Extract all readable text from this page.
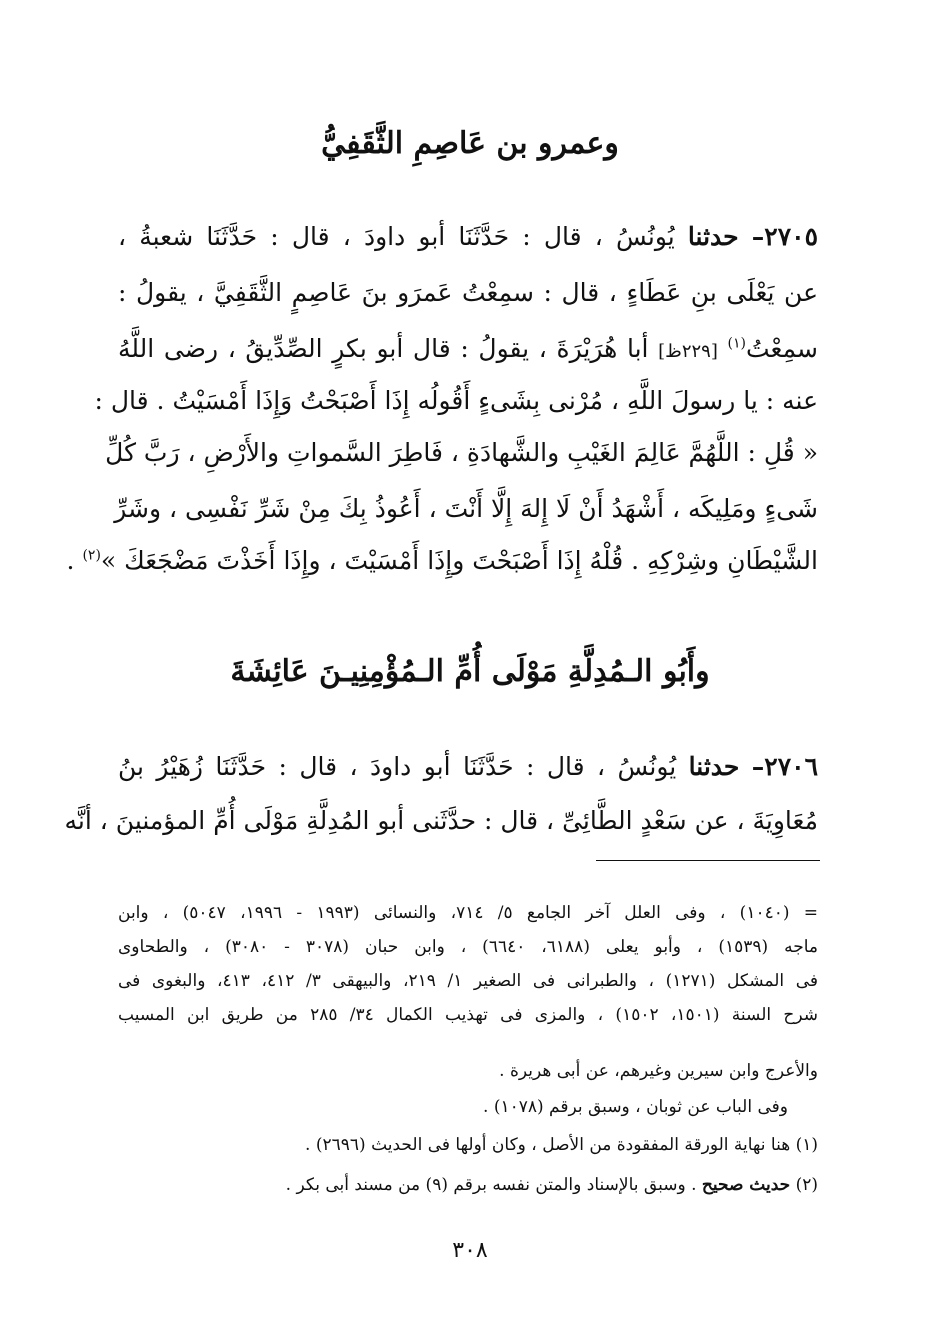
وعمرو بن عَاصِمِ الثَّقَفِيُّ
٢٧٠٥– حدثنا يُونُسُ ، قال : حَدَّثَنَا أبو داودَ ، قال : حَدَّثَنَا شعبةُ ،
عن يَعْلَى بنِ عَطَاءٍ ، قال : سمِعْتُ عَمرَو بنَ عَاصِمٍ الثَّقَفِيَّ ، يقولُ :
سمِعْتُ$^{(١)}$ [٢٢٩ظ] أبا هُرَيْرَةَ ، يقولُ : قال أبو بكرٍ الصِّدِّيقُ ، رضى اللَّهُ
عنه : يا رسولَ اللَّهِ ، مُرْنى بِشَىءٍ أَقُولُه إِذَا أَصْبَحْتُ وَإِذَا أَمْسَيْتُ . قال :
« قُلِ : اللَّهُمَّ عَالِمَ الغَيْبِ والشَّهادَةِ ، فَاطِرَ السَّمواتِ والأَرْضِ ، رَبَّ كُلِّ
شَىءٍ ومَلِيكَه ، أَشْهَدُ أَنْ لَا إِلهَ إِلَّا أَنْتَ ، أَعُوذُ بِكَ مِنْ شَرِّ نَفْسِى ، وشَرِّ
الشَّيْطَانِ وشِرْكِهِ . قُلْهُ إِذَا أَصْبَحْتَ وإِذَا أَمْسَيْتَ ، وإِذَا أَخَذْتَ مَضْجَعَكَ »$^{(٢)}$ .
وأَبُو الـمُدِلَّةِ مَوْلَى أُمِّ الـمُؤْمِنِيـنَ عَائِشَةَ
٢٧٠٦– حدثنا يُونُسُ ، قال : حَدَّثَنَا أبو داودَ ، قال : حَدَّثَنَا زُهَيْرُ بنُ
مُعَاوِيَةَ ، عن سَعْدٍ الطَّائِىِّ ، قال : حدَّثَنى أبو المُدِلَّةِ مَوْلَى أُمِّ المؤمنينَ ، أنَّه
= (١٠٤٠) ، وفى العلل آخر الجامع ٥/ ٧١٤، والنسائى (١٩٩٣ - ١٩٩٦، ٥٠٤٧) ، وابن
ماجه (١٥٣٩) ، وأبو يعلى (٦١٨٨، ٦٦٤٠) ، وابن حبان (٣٠٧٨ - ٣٠٨٠) ، والطحاوى
فى المشكل (١٢٧١) ، والطبرانى فى الصغير ١/ ٢١٩، والبيهقى ٣/ ٤١٢، ٤١٣، والبغوى فى
شرح السنة (١٥٠١، ١٥٠٢) ، والمزى فى تهذيب الكمال ٣٤/ ٢٨٥ من طريق ابن المسيب
والأعرج وابن سيرين وغيرهم، عن أبى هريرة .
وفى الباب عن ثوبان ، وسبق برقم (١٠٧٨) .
(١) هنا نهاية الورقة المفقودة من الأصل ، وكان أولها فى الحديث (٢٦٩٦) .
(٢) حديث صحيح . وسبق بالإسناد والمتن نفسه برقم (٩) من مسند أبى بكر .
٣٠٨
